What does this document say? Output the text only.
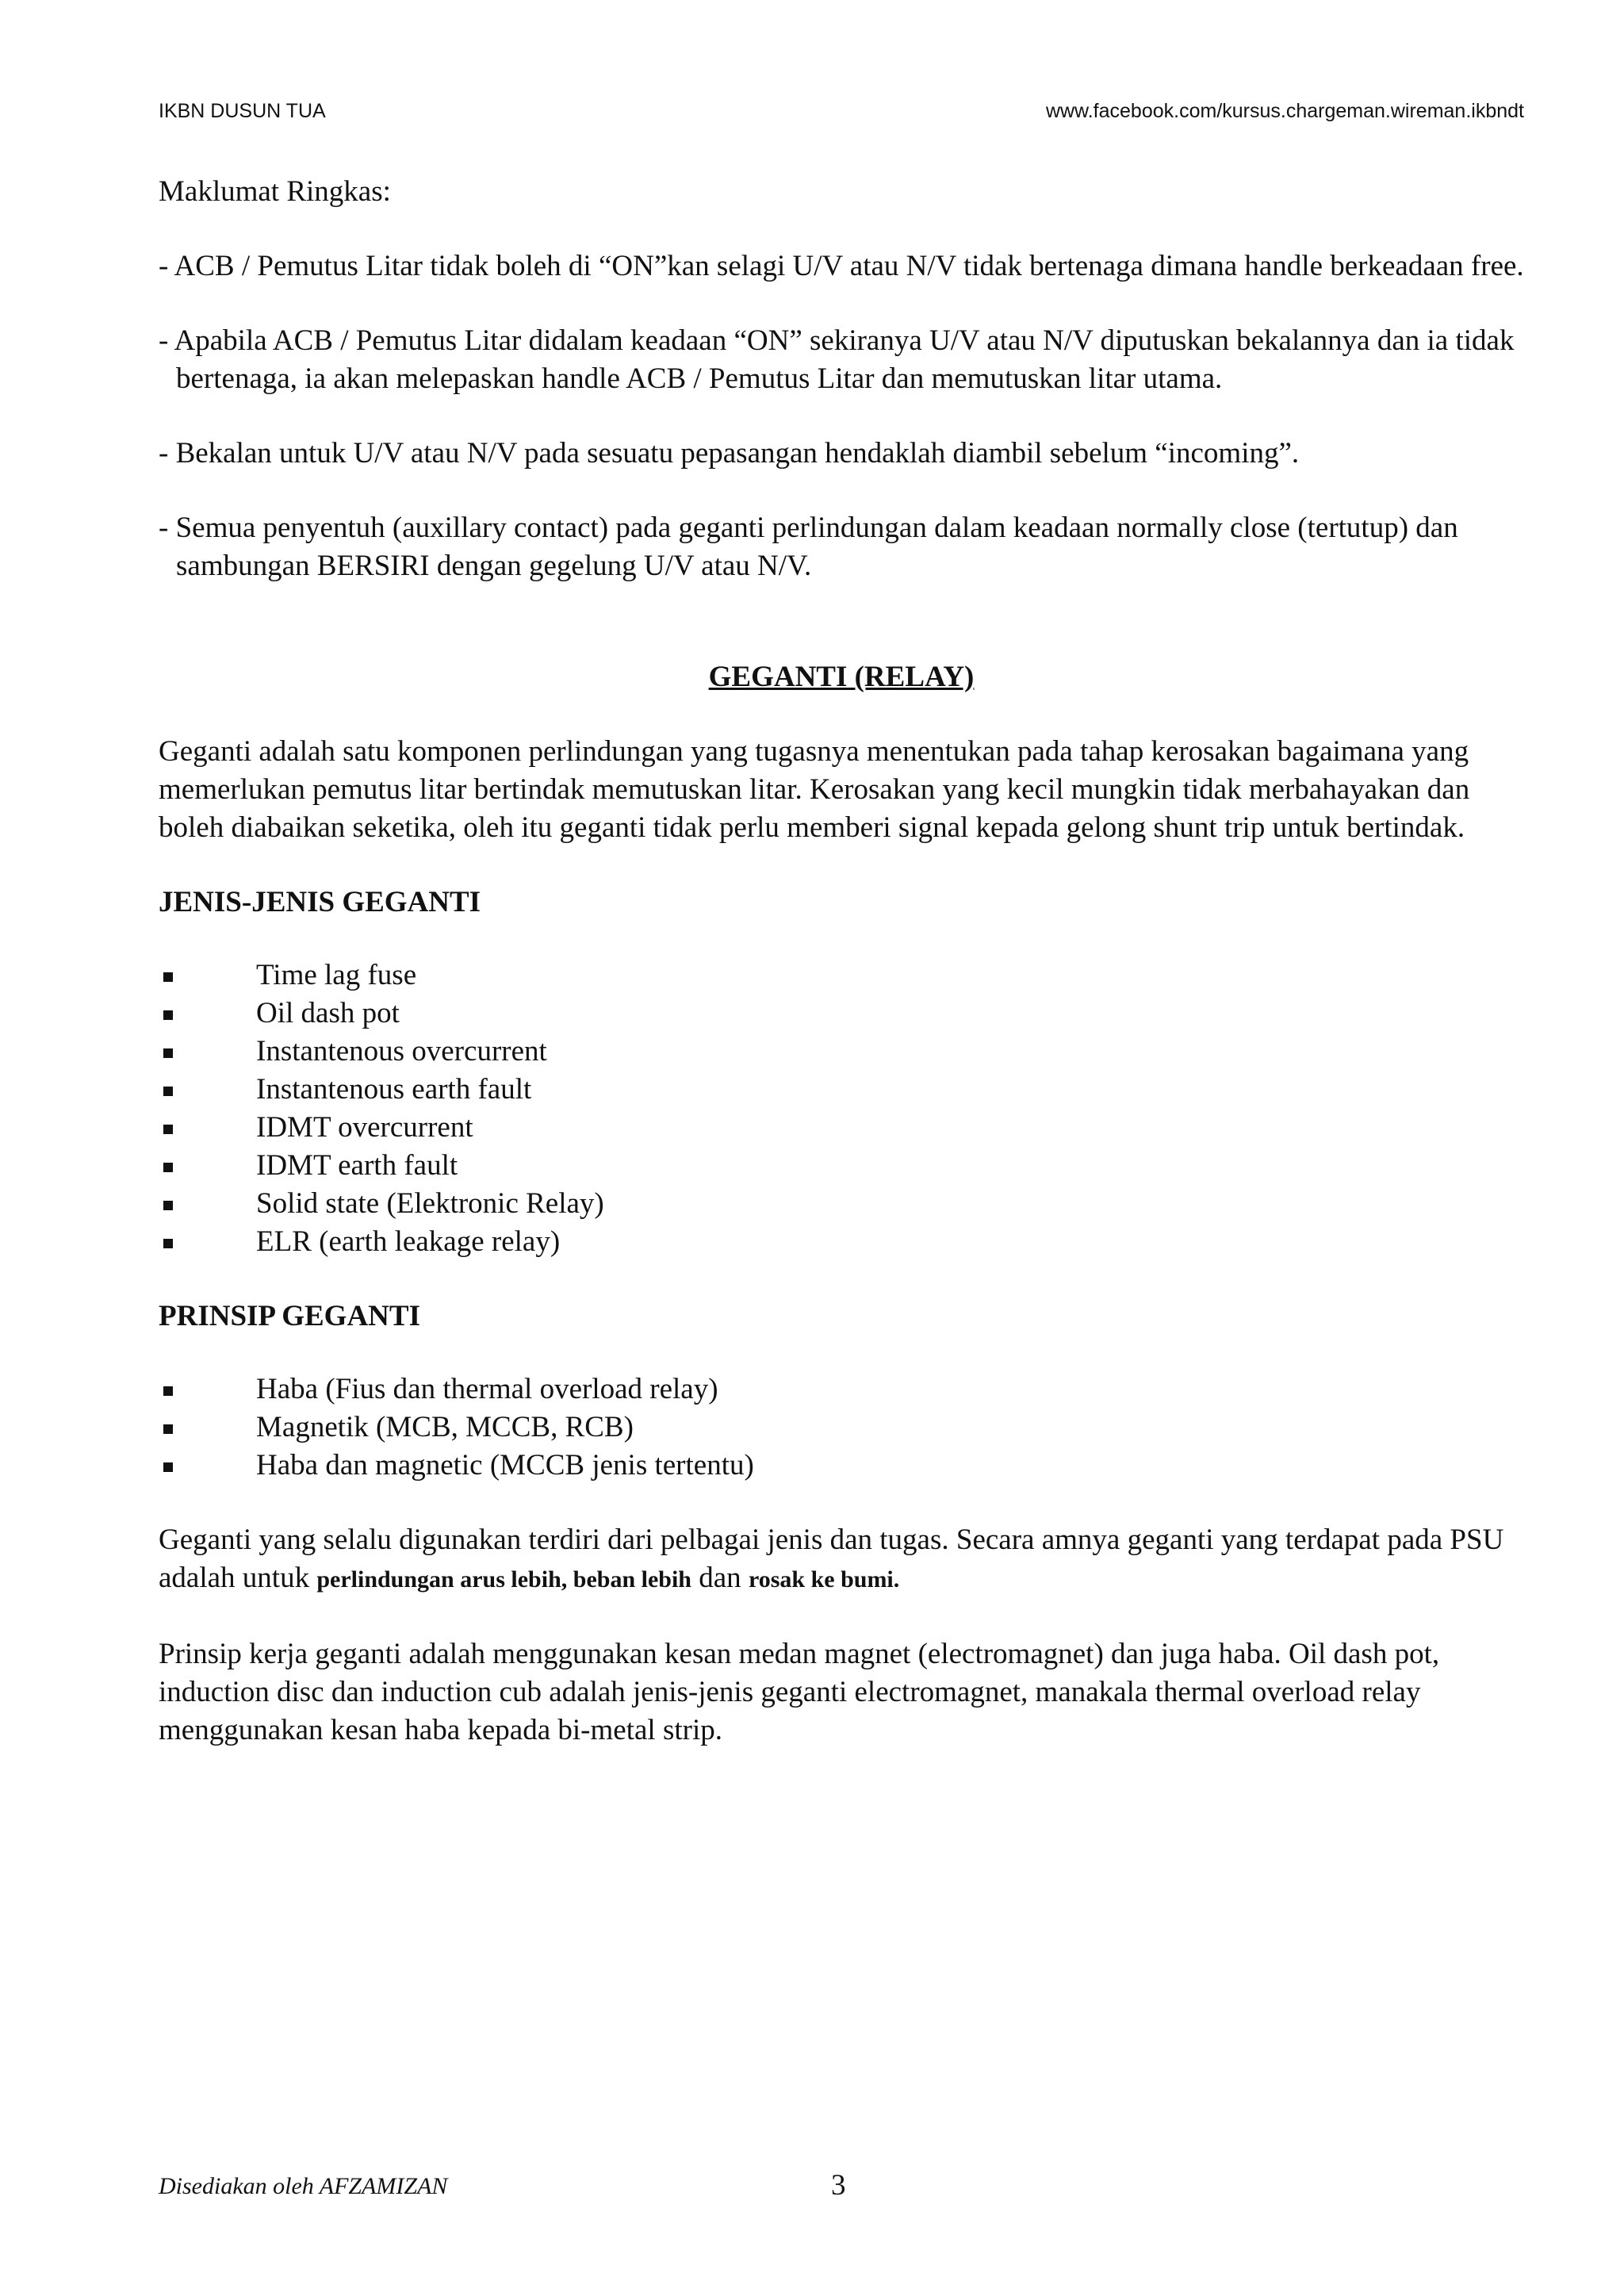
IKBN DUSUN TUA	www.facebook.com/kursus.chargeman.wireman.ikbndt

Maklumat Ringkas:

- ACB / Pemutus Litar tidak boleh di “ON”kan selagi U/V atau N/V tidak bertenaga dimana handle berkeadaan free.

- Apabila ACB / Pemutus Litar didalam keadaan “ON” sekiranya U/V atau N/V diputuskan bekalannya dan ia tidak bertenaga, ia akan melepaskan handle ACB / Pemutus Litar dan memutuskan litar utama.

- Bekalan untuk U/V atau N/V pada sesuatu pepasangan hendaklah diambil sebelum “incoming”.

- Semua penyentuh (auxillary contact) pada geganti perlindungan dalam keadaan normally close (tertutup) dan sambungan BERSIRI dengan gegelung U/V atau N/V.

GEGANTI (RELAY)

Geganti adalah satu komponen perlindungan yang tugasnya menentukan pada tahap kerosakan bagaimana yang memerlukan pemutus litar bertindak memutuskan litar. Kerosakan yang kecil mungkin tidak merbahayakan dan boleh diabaikan seketika, oleh itu geganti tidak perlu memberi signal kepada gelong shunt trip untuk bertindak.

JENIS-JENIS GEGANTI

Time lag fuse
Oil dash pot
Instantenous overcurrent
Instantenous earth fault
IDMT overcurrent
IDMT earth fault
Solid state (Elektronic Relay)
ELR (earth leakage relay)

PRINSIP GEGANTI

Haba (Fius dan thermal overload relay)
Magnetik (MCB, MCCB, RCB)
Haba dan magnetic (MCCB jenis tertentu)

Geganti yang selalu digunakan terdiri dari pelbagai jenis dan tugas. Secara amnya geganti yang terdapat pada PSU adalah untuk perlindungan arus lebih, beban lebih dan rosak ke bumi.

Prinsip kerja geganti adalah menggunakan kesan medan magnet (electromagnet) dan juga haba. Oil dash pot, induction disc dan induction cub adalah jenis-jenis geganti electromagnet, manakala thermal overload relay menggunakan kesan haba kepada bi-metal strip.

Disediakan oleh AFZAMIZAN	3
